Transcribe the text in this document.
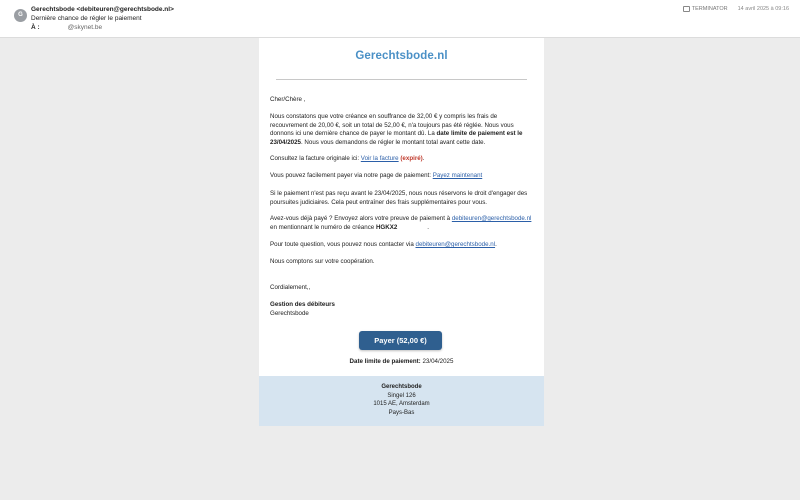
G
Gerechtsbode <debiteuren@gerechtsbode.nl>
Dernière chance de régler le paiement
À :	@skynet.be
TERMINATOR 14 avril 2025 à 09:16
Gerechtsbode.nl
Cher/Chère ,
Nous constatons que votre créance en souffrance de 32,00 € y compris les frais de recouvrement de 20,00 €, soit un total de 52,00 €, n'a toujours pas été réglée. Nous vous donnons ici une dernière chance de payer le montant dû. La date limite de paiement est le 23/04/2025. Nous vous demandons de régler le montant total avant cette date.
Consultez la facture originale ici: Voir la facture (expiré).
Vous pouvez facilement payer via notre page de paiement: Payez maintenant
Si le paiement n'est pas reçu avant le 23/04/2025, nous nous réservons le droit d'engager des poursuites judiciaires. Cela peut entraîner des frais supplémentaires pour vous.
Avez-vous déjà payé ? Envoyez alors votre preuve de paiement à debiteuren@gerechtsbode.nl en mentionnant le numéro de créance HGKX2	.
Pour toute question, vous pouvez nous contacter via debiteuren@gerechtsbode.nl.
Nous comptons sur votre coopération.
Cordialement,,
Gestion des débiteurs
Gerechtsbode
Payer (52,00 €)
Date limite de paiement: 23/04/2025
Gerechtsbode
Singel 126
1015 AE, Amsterdam
Pays-Bas
